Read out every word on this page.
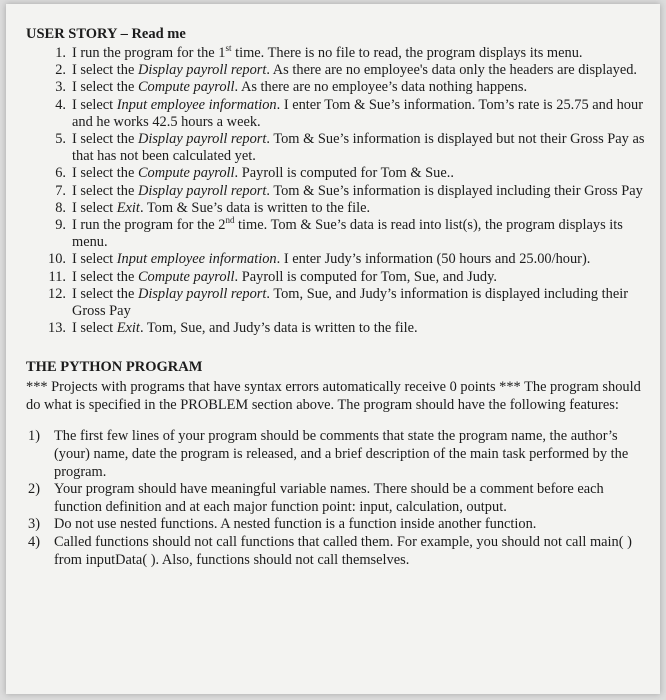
USER STORY – Read me

1. I run the program for the 1st time. There is no file to read, the program displays its menu.
2. I select the Display payroll report. As there are no employee's data only the headers are displayed.
3. I select the Compute payroll. As there are no employee’s data nothing happens.
4. I select Input employee information. I enter Tom & Sue’s information. Tom’s rate is 25.75 and hour and he works 42.5 hours a week.
5. I select the Display payroll report. Tom & Sue’s information is displayed but not their Gross Pay as that has not been calculated yet.
6. I select the Compute payroll. Payroll is computed for Tom & Sue..
7. I select the Display payroll report. Tom & Sue’s information is displayed including their Gross Pay
8. I select Exit. Tom & Sue’s data is written to the file.
9. I run the program for the 2nd time. Tom & Sue’s data is read into list(s), the program displays its menu.
10. I select Input employee information. I enter Judy’s information (50 hours and 25.00/hour).
11. I select the Compute payroll. Payroll is computed for Tom, Sue, and Judy.
12. I select the Display payroll report. Tom, Sue, and Judy’s information is displayed including their Gross Pay
13. I select Exit. Tom, Sue, and Judy’s data is written to the file.

THE PYTHON PROGRAM

*** Projects with programs that have syntax errors automatically receive 0 points *** The program should do what is specified in the PROBLEM section above. The program should have the following features:

1) The first few lines of your program should be comments that state the program name, the author’s (your) name, date the program is released, and a brief description of the main task performed by the program.
2) Your program should have meaningful variable names. There should be a comment before each function definition and at each major function point: input, calculation, output.
3) Do not use nested functions. A nested function is a function inside another function.
4) Called functions should not call functions that called them. For example, you should not call main( ) from inputData( ). Also, functions should not call themselves.
